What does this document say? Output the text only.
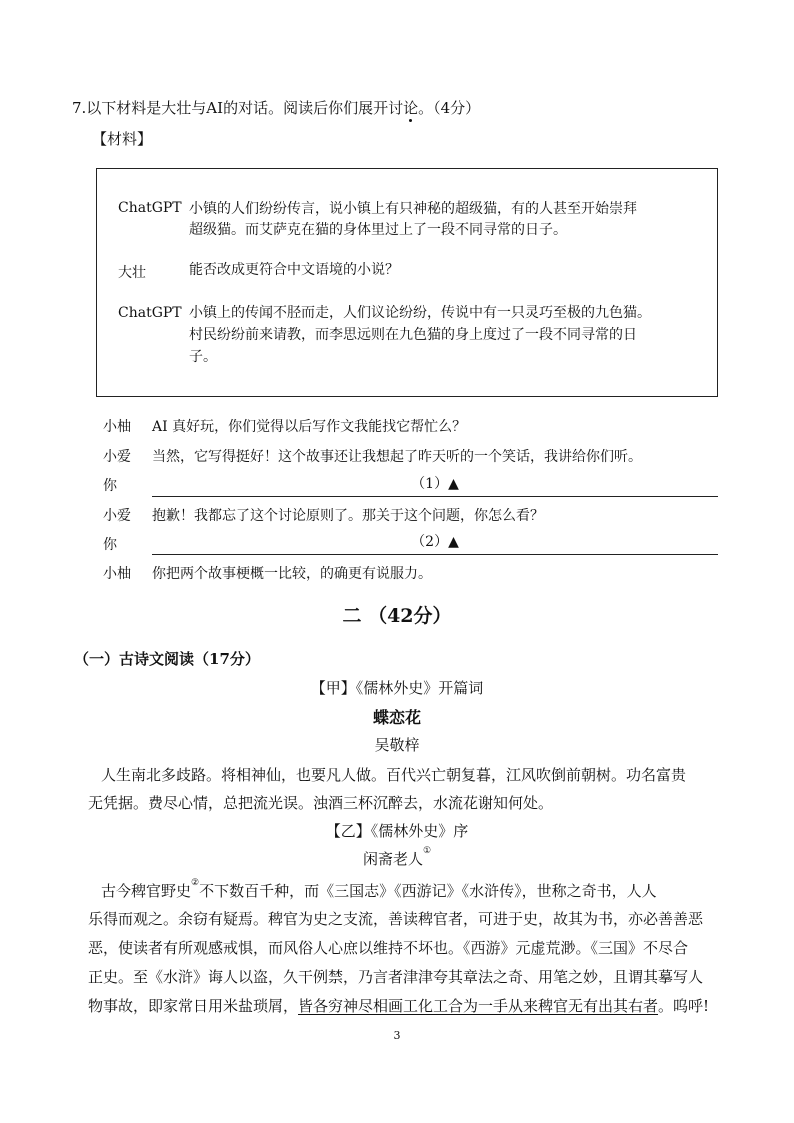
7.以下材料是大壮与AI的对话。阅读后你们展开讨论。（4分）
【材料】
ChatGPT 小镇的人们纷纷传言，说小镇上有只神秘的超级猫，有的人甚至开始崇拜
超级猫。而艾萨克在猫的身体里过上了一段不同寻常的日子。
大壮	能否改成更符合中文语境的小说？
ChatGPT 小镇上的传闻不胫而走，人们议论纷纷，传说中有一只灵巧至极的九色猫。
村民纷纷前来请教，而李思远则在九色猫的身上度过了一段不同寻常的日
子。
小柚 AI 真好玩，你们觉得以后写作文我能找它帮忙么？
小爱 当然，它写得挺好！这个故事还让我想起了昨天听的一个笑话，我讲给你们听。
你	（1）▲
小爱 抱歉！我都忘了这个讨论原则了。那关于这个问题，你怎么看？
你	（2）▲
小柚 你把两个故事梗概一比较，的确更有说服力。
二 （42分）
（一）古诗文阅读（17分）
【甲】《儒林外史》开篇词
蝶恋花
吴敬梓
人生南北多歧路。将相神仙，也要凡人做。百代兴亡朝复暮，江风吹倒前朝树。功名富贵
无凭据。费尽心情，总把流光误。浊酒三杯沉醉去，水流花谢知何处。
【乙】《儒林外史》序
闲斋老人①
古今稗官野史②不下数百千种，而《三国志》《西游记》《水浒传》，世称之奇书，人人
乐得而观之。余窃有疑焉。稗官为史之支流，善读稗官者，可进于史，故其为书，亦必善善恶
恶，使读者有所观感戒惧，而风俗人心庶以维持不坏也。《西游》元虚荒渺。《三国》不尽合
正史。至《水浒》诲人以盗，久干例禁，乃言者津津夸其章法之奇、用笔之妙，且谓其摹写人
物事故，即家常日用米盐琐屑，皆各穷神尽相画工化工合为一手从来稗官无有出其右者。呜呼!
3
